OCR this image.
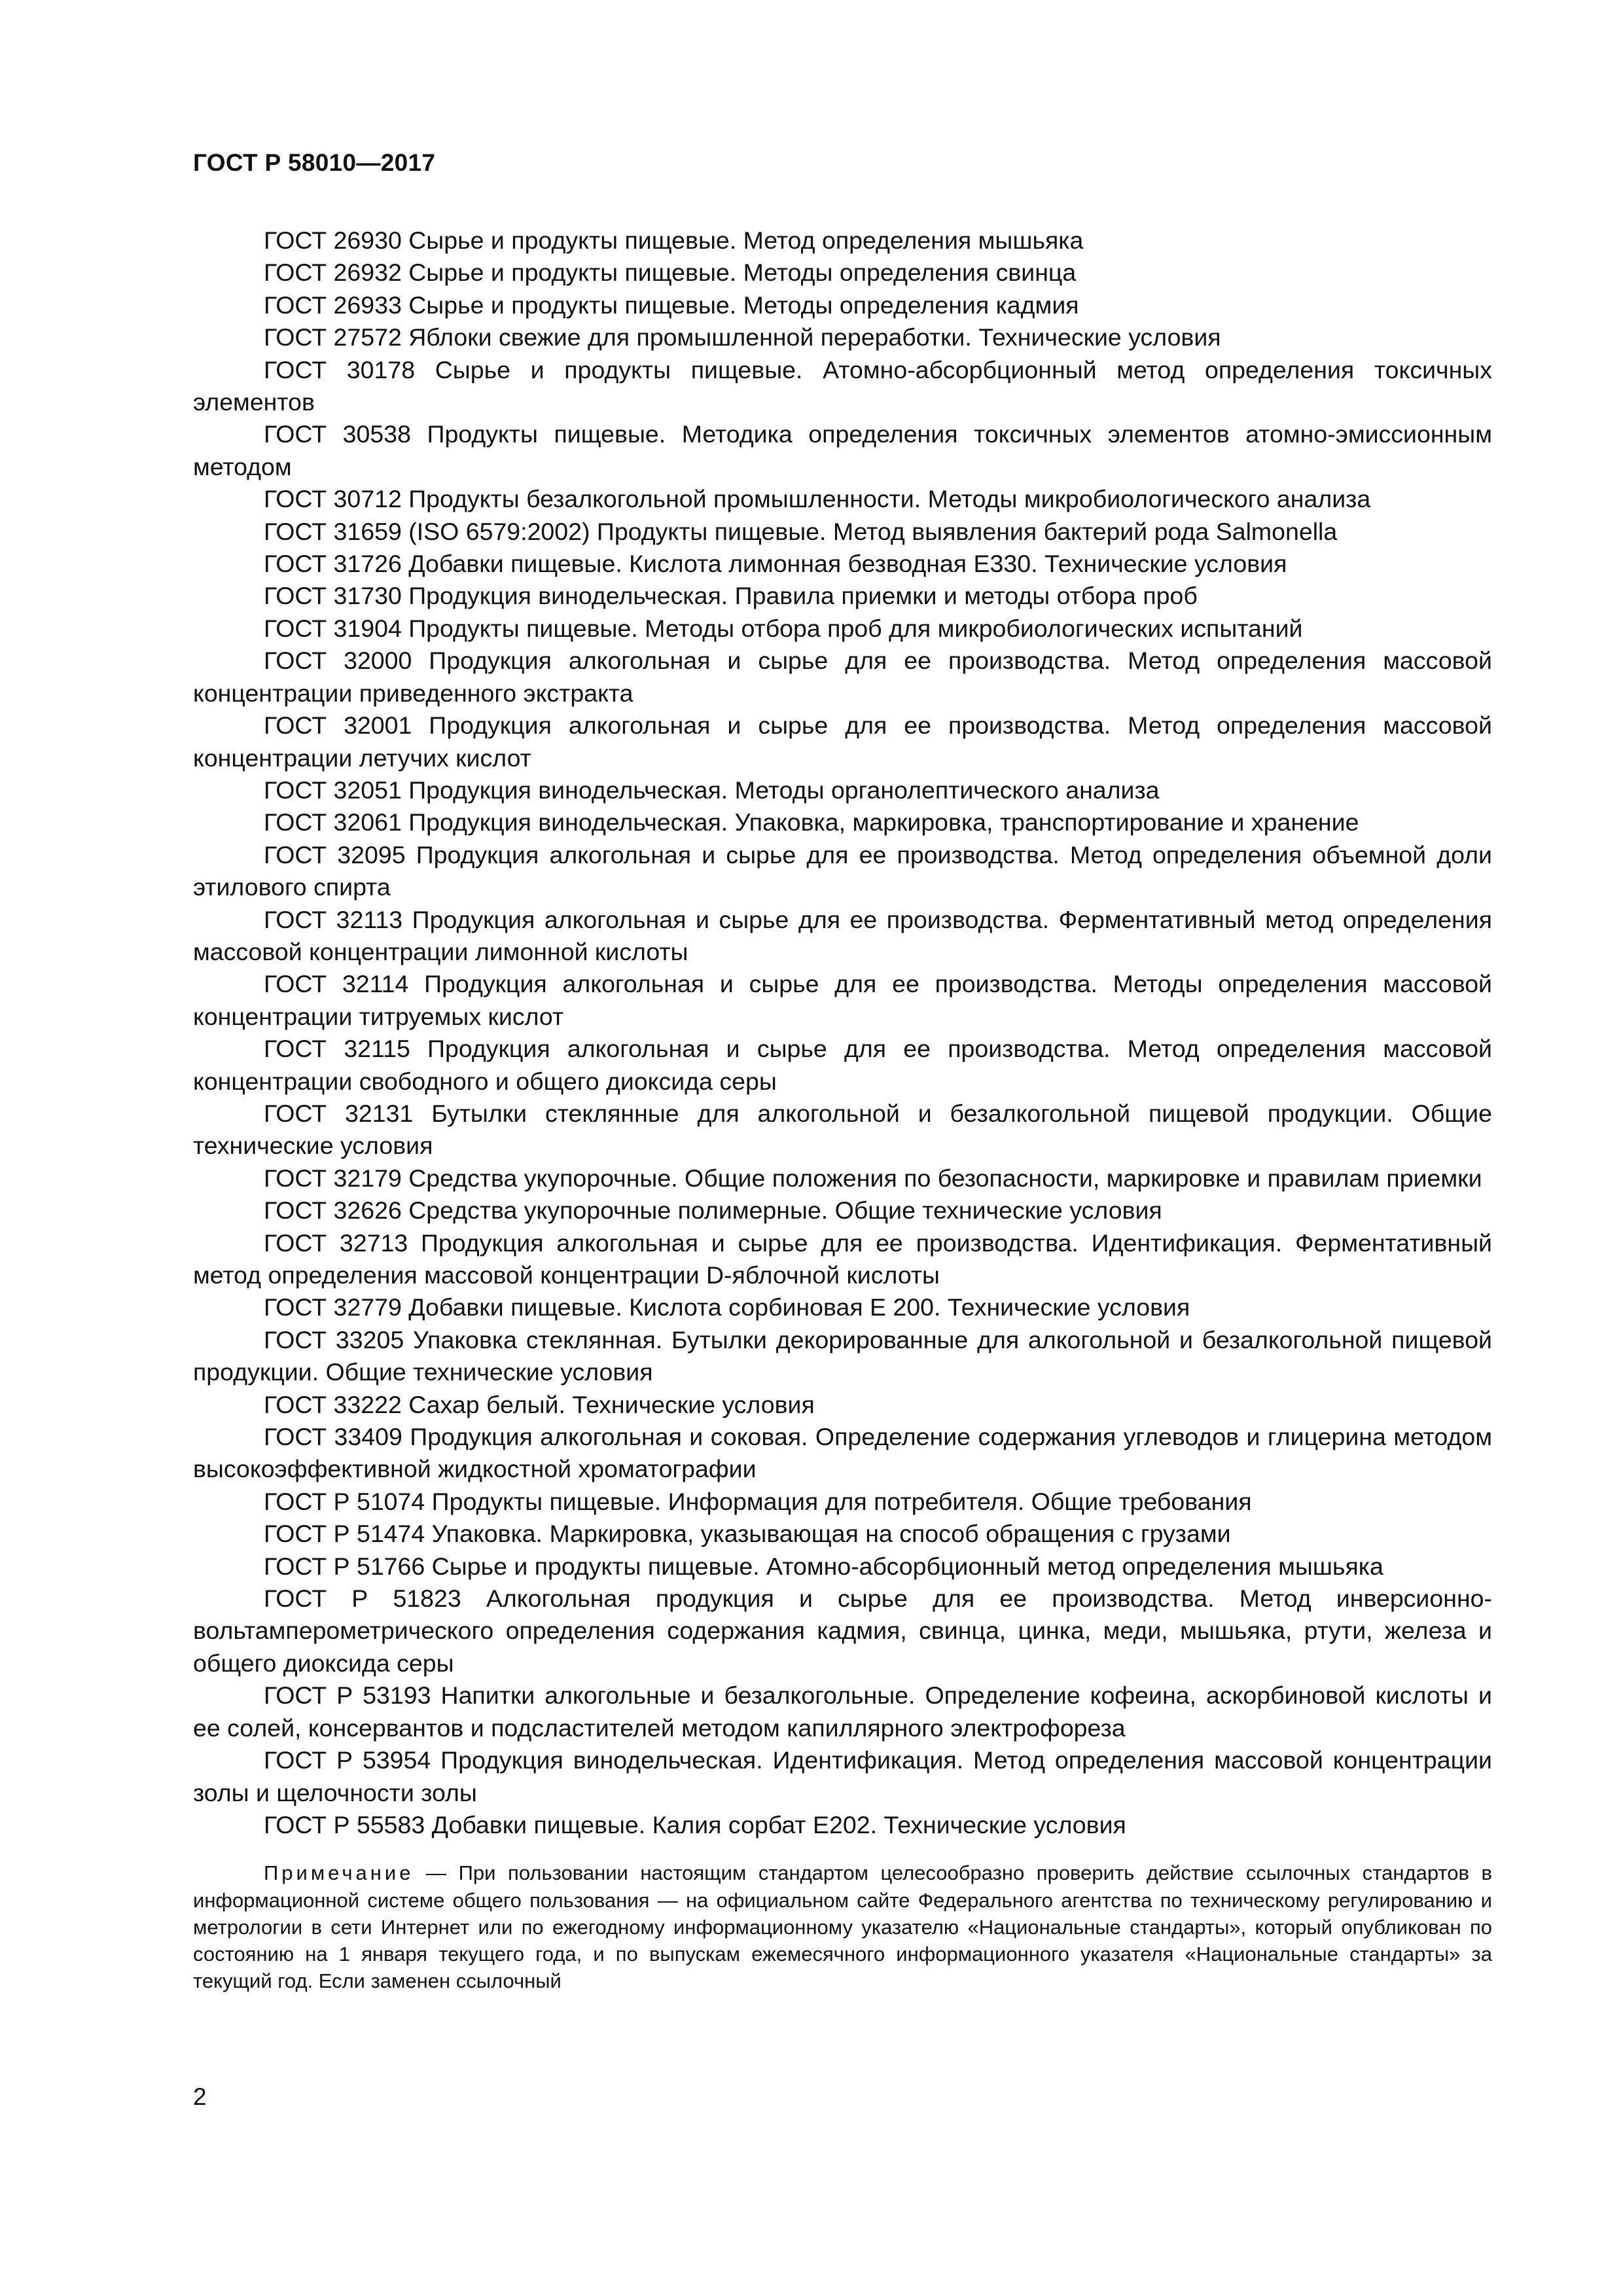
ГОСТ Р 58010—2017

ГОСТ 26930 Сырье и продукты пищевые. Метод определения мышьяка

ГОСТ 26932 Сырье и продукты пищевые. Методы определения свинца

ГОСТ 26933 Сырье и продукты пищевые. Методы определения кадмия

ГОСТ 27572 Яблоки свежие для промышленной переработки. Технические условия

ГОСТ 30178 Сырье и продукты пищевые. Атомно-абсорбционный метод определения токсичных элементов

ГОСТ 30538 Продукты пищевые. Методика определения токсичных элементов атомно-эмиссионным методом

ГОСТ 30712 Продукты безалкогольной промышленности. Методы микробиологического анализа

ГОСТ 31659 (ISO 6579:2002) Продукты пищевые. Метод выявления бактерий рода Salmonella

ГОСТ 31726 Добавки пищевые. Кислота лимонная безводная Е330. Технические условия

ГОСТ 31730 Продукция винодельческая. Правила приемки и методы отбора проб

ГОСТ 31904 Продукты пищевые. Методы отбора проб для микробиологических испытаний

ГОСТ 32000 Продукция алкогольная и сырье для ее производства. Метод определения массовой концентрации приведенного экстракта

ГОСТ 32001 Продукция алкогольная и сырье для ее производства. Метод определения массовой концентрации летучих кислот

ГОСТ 32051 Продукция винодельческая. Методы органолептического анализа

ГОСТ 32061 Продукция винодельческая. Упаковка, маркировка, транспортирование и хранение

ГОСТ 32095 Продукция алкогольная и сырье для ее производства. Метод определения объемной доли этилового спирта

ГОСТ 32113 Продукция алкогольная и сырье для ее производства. Ферментативный метод определения массовой концентрации лимонной кислоты

ГОСТ 32114 Продукция алкогольная и сырье для ее производства. Методы определения массовой концентрации титруемых кислот

ГОСТ 32115 Продукция алкогольная и сырье для ее производства. Метод определения массовой концентрации свободного и общего диоксида серы

ГОСТ 32131 Бутылки стеклянные для алкогольной и безалкогольной пищевой продукции. Общие технические условия

ГОСТ 32179 Средства укупорочные. Общие положения по безопасности, маркировке и правилам приемки

ГОСТ 32626 Средства укупорочные полимерные. Общие технические условия

ГОСТ 32713 Продукция алкогольная и сырье для ее производства. Идентификация. Ферментативный метод определения массовой концентрации D-яблочной кислоты

ГОСТ 32779 Добавки пищевые. Кислота сорбиновая Е 200. Технические условия

ГОСТ 33205 Упаковка стеклянная. Бутылки декорированные для алкогольной и безалкогольной пищевой продукции. Общие технические условия

ГОСТ 33222 Сахар белый. Технические условия

ГОСТ 33409 Продукция алкогольная и соковая. Определение содержания углеводов и глицерина методом высокоэффективной жидкостной хроматографии

ГОСТ Р 51074 Продукты пищевые. Информация для потребителя. Общие требования

ГОСТ Р 51474 Упаковка. Маркировка, указывающая на способ обращения с грузами

ГОСТ Р 51766 Сырье и продукты пищевые. Атомно-абсорбционный метод определения мышьяка

ГОСТ Р 51823 Алкогольная продукция и сырье для ее производства. Метод инверсионно-вольтамперометрического определения содержания кадмия, свинца, цинка, меди, мышьяка, ртути, железа и общего диоксида серы

ГОСТ Р 53193 Напитки алкогольные и безалкогольные. Определение кофеина, аскорбиновой кислоты и ее солей, консервантов и подсластителей методом капиллярного электрофореза

ГОСТ Р 53954 Продукция винодельческая. Идентификация. Метод определения массовой концентрации золы и щелочности золы

ГОСТ Р 55583 Добавки пищевые. Калия сорбат Е202. Технические условия

Примечание — При пользовании настоящим стандартом целесообразно проверить действие ссылочных стандартов в информационной системе общего пользования — на официальном сайте Федерального агентства по техническому регулированию и метрологии в сети Интернет или по ежегодному информационному указателю «Национальные стандарты», который опубликован по состоянию на 1 января текущего года, и по выпускам ежемесячного информационного указателя «Национальные стандарты» за текущий год. Если заменен ссылочный

2
